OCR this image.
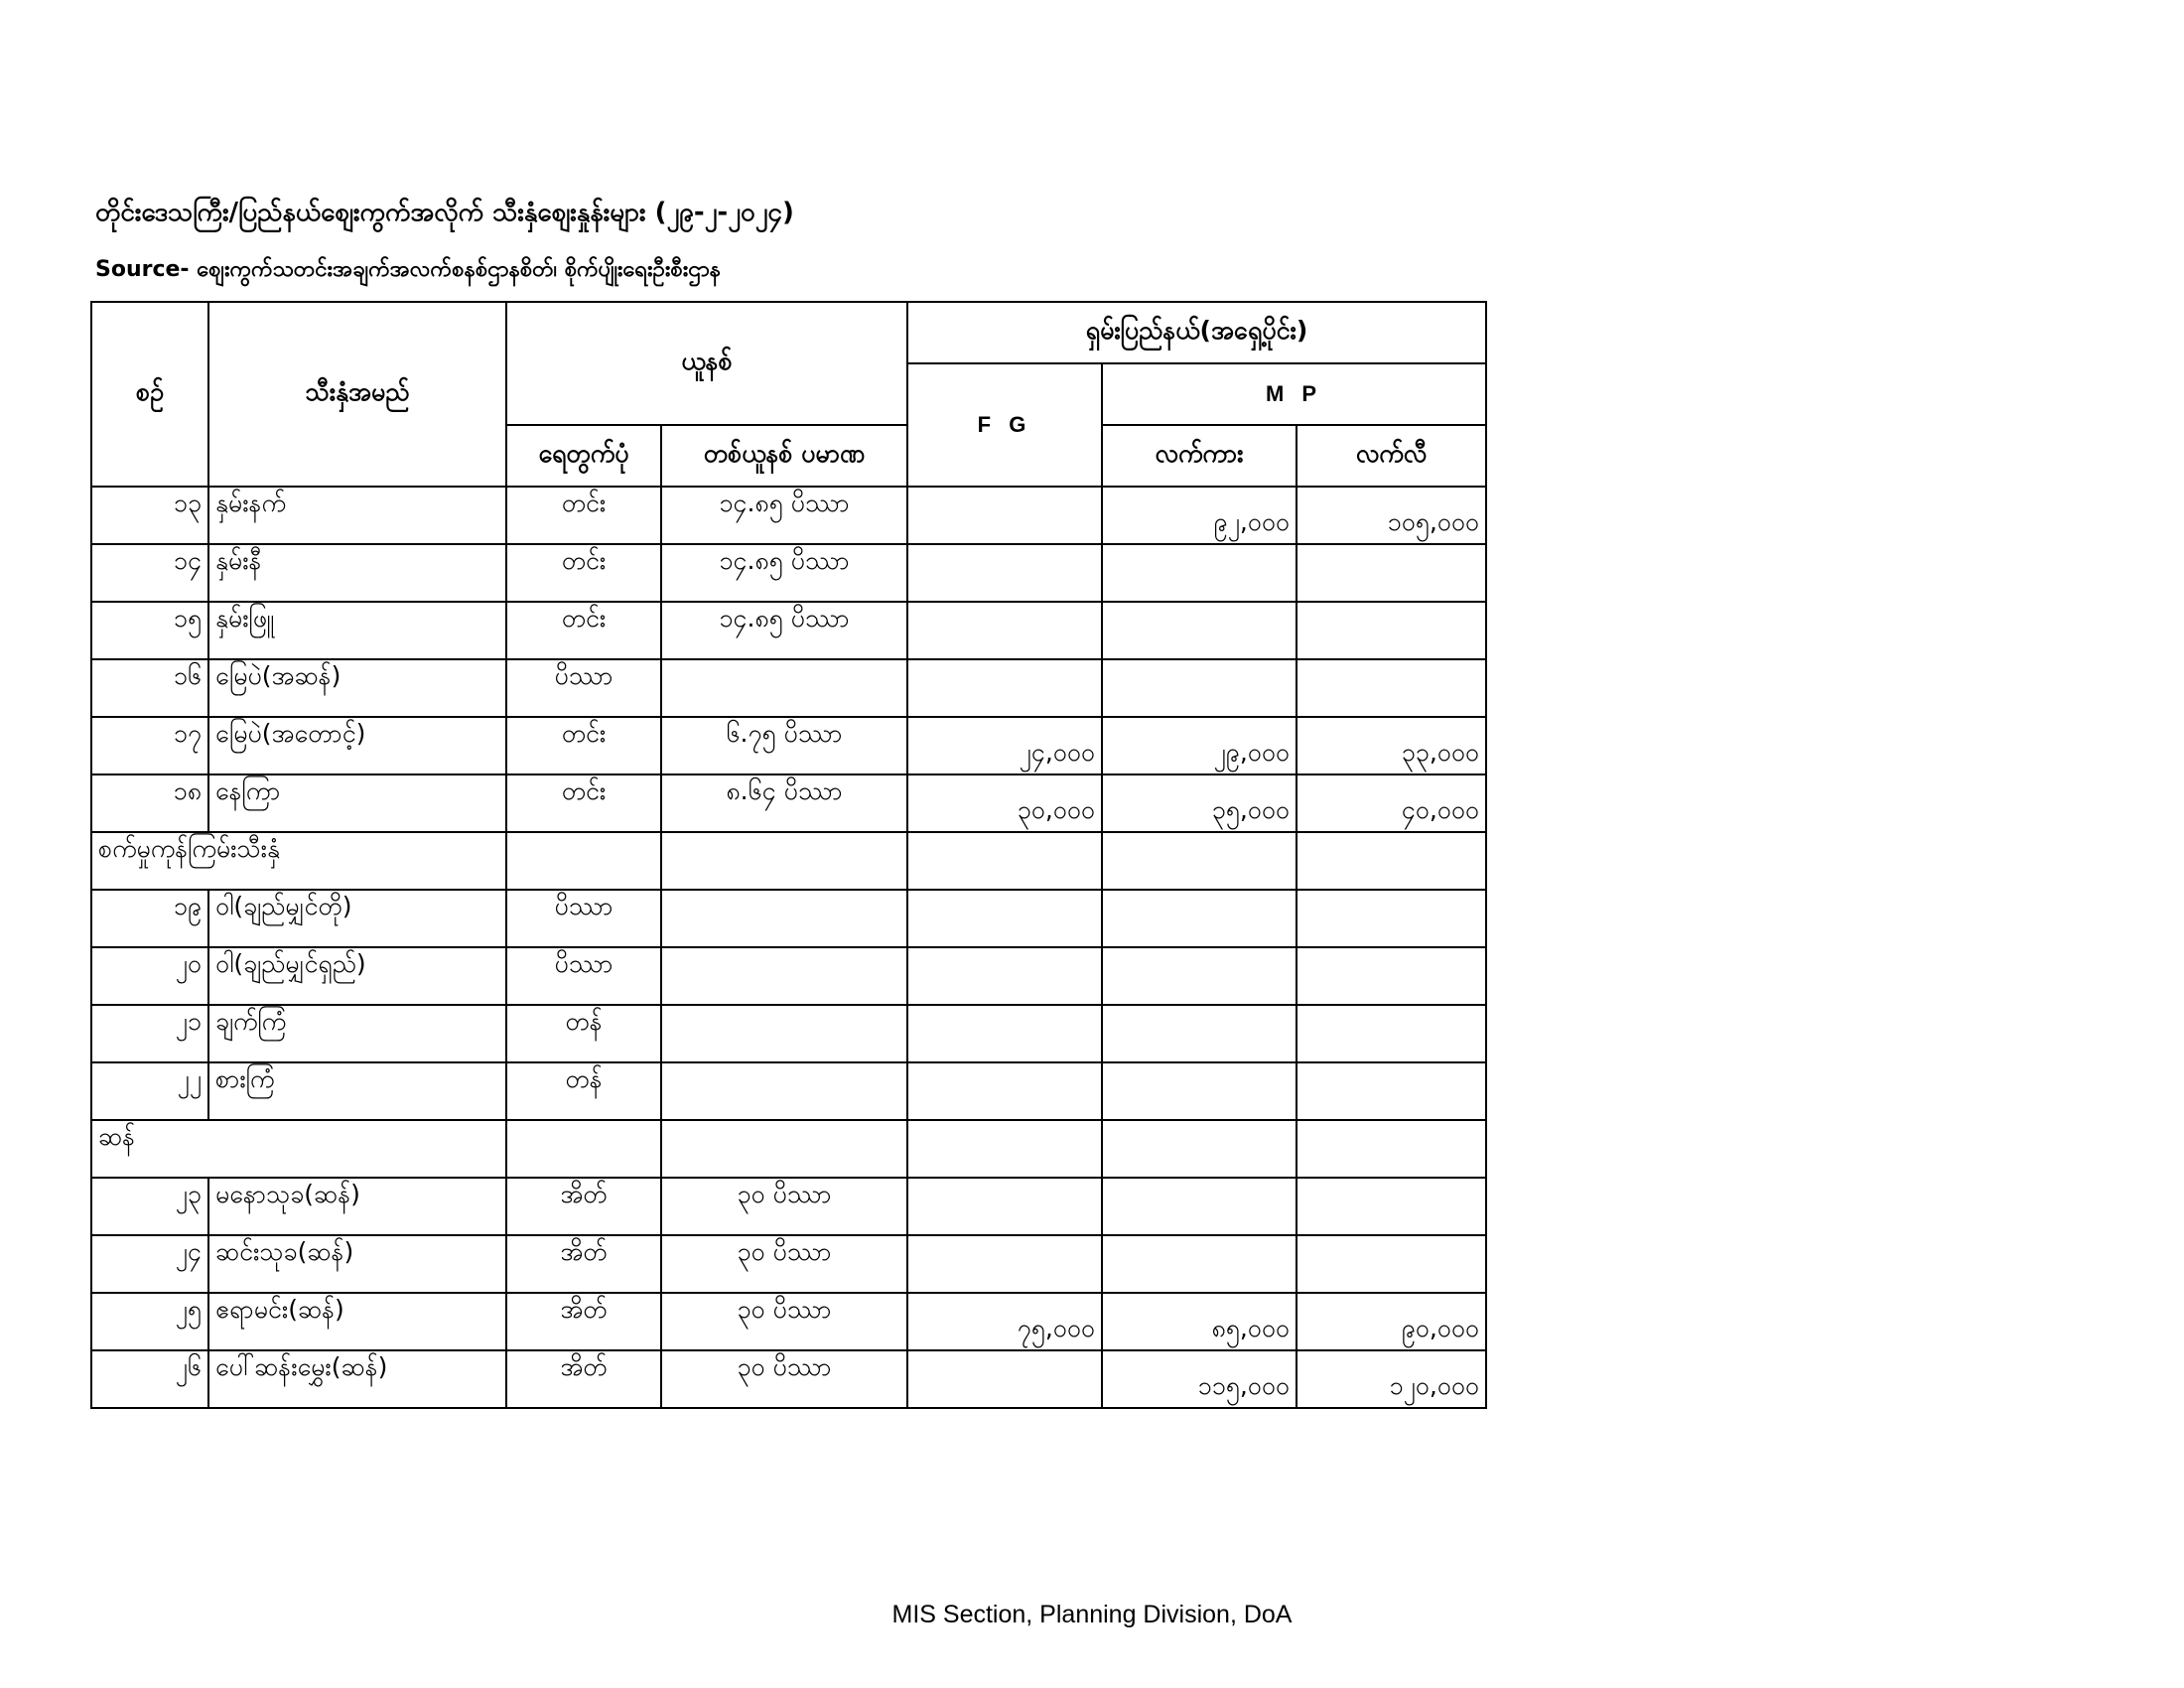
တိုင်းဒေသကြီး/ပြည်နယ်စျေးကွက်အလိုက် သီးနှံစျေးနှုန်းများ (၂၉-၂-၂၀၂၄)
Source- စျေးကွက်သတင်းအချက်အလက်စနစ်ဌာနစိတ်၊ စိုက်ပျိုးရေးဦးစီးဌာန
စဉ်	သီးနှံအမည်	ယူနစ်		ရှမ်းပြည်နယ်(အရှေ့ပိုင်း)		
				F G	M P	
		ရေတွက်ပုံ	တစ်ယူနစ် ပမာဏ		လက်ကား	လက်လီ
၁၃	နှမ်းနက်	တင်း	၁၄.၈၅ ပိဿာ		၉၂,၀၀၀	၁၀၅,၀၀၀
၁၄	နှမ်းနီ	တင်း	၁၄.၈၅ ပိဿာ			
၁၅	နှမ်းဖြူ	တင်း	၁၄.၈၅ ပိဿာ			
၁၆	မြေပဲ(အဆန်)	ပိဿာ				
၁၇	မြေပဲ(အတောင့်)	တင်း	၆.၇၅ ပိဿာ	၂၄,၀၀၀	၂၉,၀၀၀	၃၃,၀၀၀
၁၈	နေကြာ	တင်း	၈.၆၄ ပိဿာ	၃၀,၀၀၀	၃၅,၀၀၀	၄၀,၀၀၀
စက်မှုကုန်ကြမ်းသီးနှံ						
၁၉	ဝါ(ချည်မျှင်တို)	ပိဿာ				
၂၀	ဝါ(ချည်မျှင်ရှည်)	ပိဿာ				
၂၁	ချက်ကြံ	တန်				
၂၂	စားကြံ	တန်				
ဆန်						
၂၃	မနောသုခ(ဆန်)	အိတ်	၃၀ ပိဿာ			
၂၄	ဆင်းသုခ(ဆန်)	အိတ်	၃၀ ပိဿာ			
၂၅	ဧရာမင်း(ဆန်)	အိတ်	၃၀ ပိဿာ	၇၅,၀၀၀	၈၅,၀၀၀	၉၀,၀၀၀
၂၆	ပေါ်ဆန်းမွှေး(ဆန်)	အိတ်	၃၀ ပိဿာ		၁၁၅,၀၀၀	၁၂၀,၀၀၀
MIS Section, Planning Division, DoA
